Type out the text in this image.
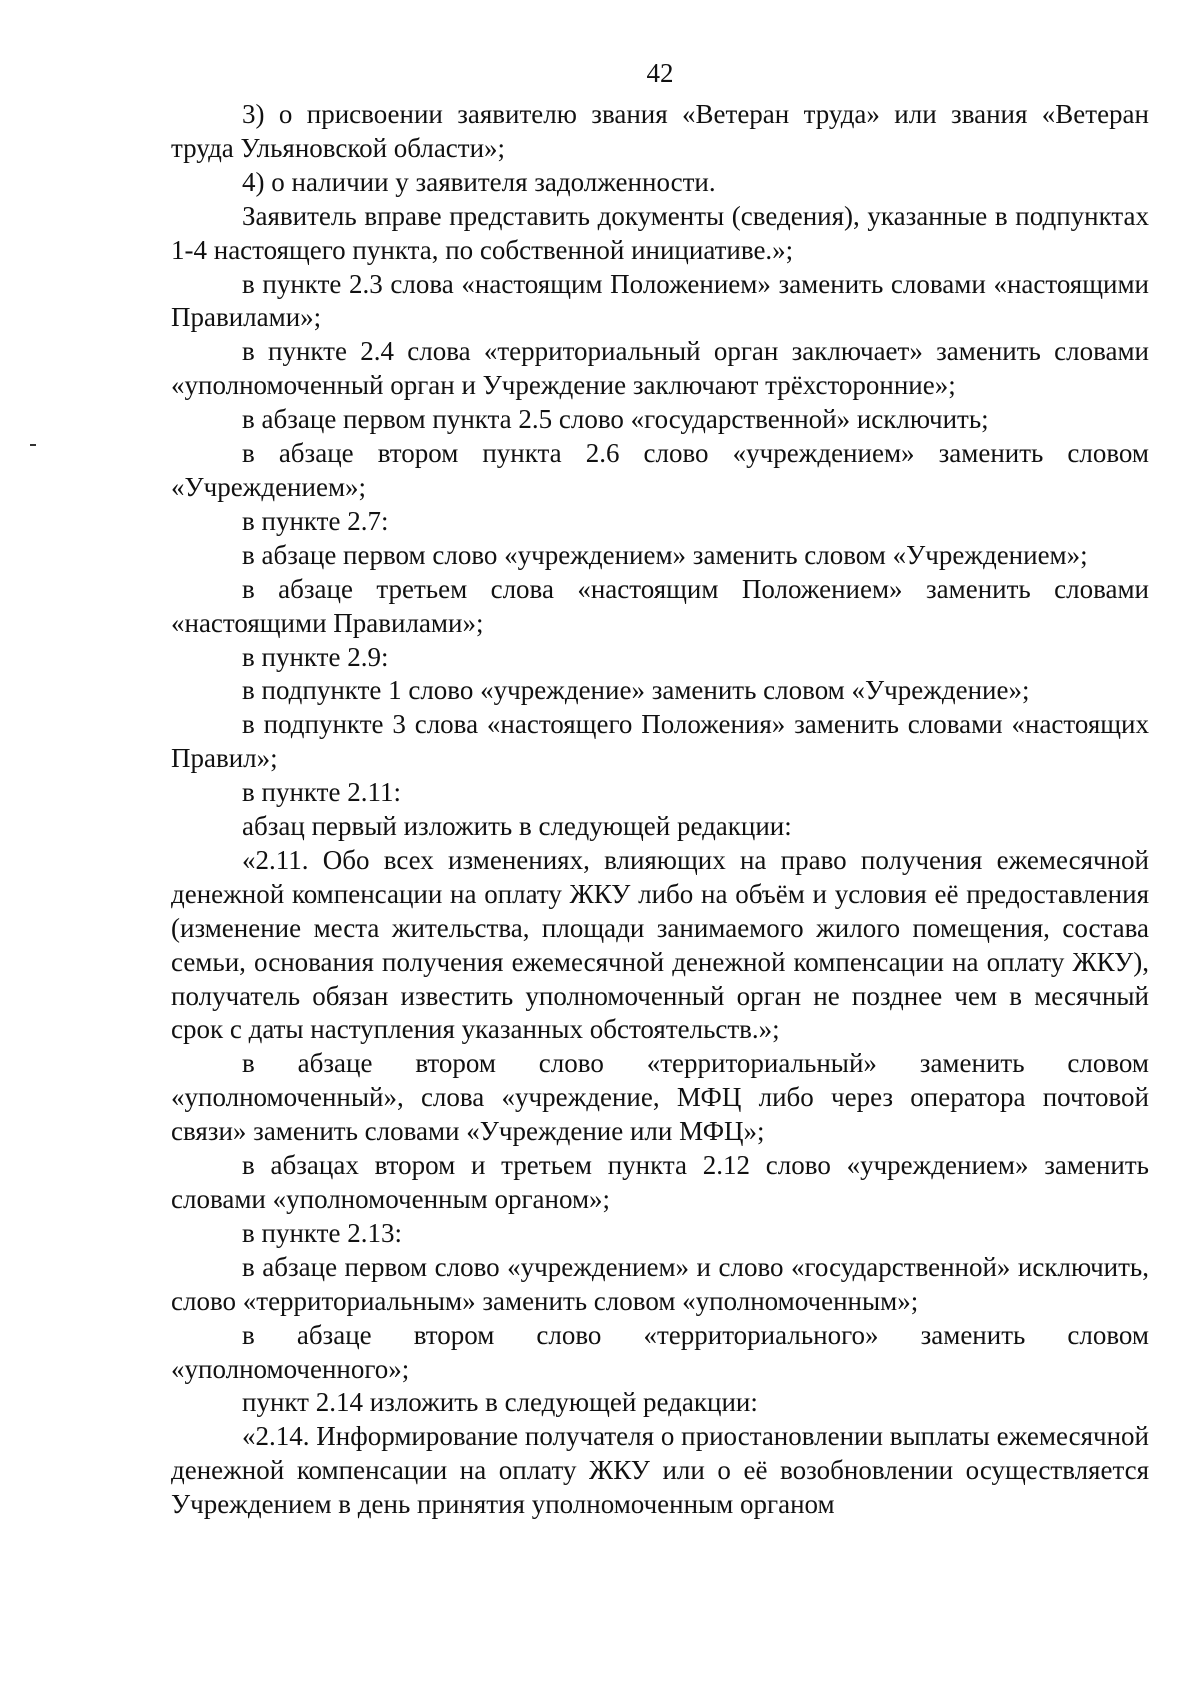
42

3) о присвоении заявителю звания «Ветеран труда» или звания «Ветеран труда Ульяновской области»;

4) о наличии у заявителя задолженности.

Заявитель вправе представить документы (сведения), указанные в подпунктах 1-4 настоящего пункта, по собственной инициативе.»;

в пункте 2.3 слова «настоящим Положением» заменить словами «настоящими Правилами»;

в пункте 2.4 слова «территориальный орган заключает» заменить словами «уполномоченный орган и Учреждение заключают трёхсторонние»;

в абзаце первом пункта 2.5 слово «государственной» исключить;

в абзаце втором пункта 2.6 слово «учреждением» заменить словом «Учреждением»;

в пункте 2.7:

в абзаце первом слово «учреждением» заменить словом «Учреждением»;

в абзаце третьем слова «настоящим Положением» заменить словами «настоящими Правилами»;

в пункте 2.9:

в подпункте 1 слово «учреждение» заменить словом «Учреждение»;

в подпункте 3 слова «настоящего Положения» заменить словами «настоящих Правил»;

в пункте 2.11:

абзац первый изложить в следующей редакции:

«2.11. Обо всех изменениях, влияющих на право получения ежемесячной денежной компенсации на оплату ЖКУ либо на объём и условия её предоставления (изменение места жительства, площади занимаемого жилого помещения, состава семьи, основания получения ежемесячной денежной компенсации на оплату ЖКУ), получатель обязан известить уполномоченный орган не позднее чем в месячный срок с даты наступления указанных обстоятельств.»;

в абзаце втором слово «территориальный» заменить словом «уполномоченный», слова «учреждение, МФЦ либо через оператора почтовой связи» заменить словами «Учреждение или МФЦ»;

в абзацах втором и третьем пункта 2.12 слово «учреждением» заменить словами «уполномоченным органом»;

в пункте 2.13:

в абзаце первом слово «учреждением» и слово «государственной» исключить, слово «территориальным» заменить словом «уполномоченным»;

в абзаце втором слово «территориального» заменить словом «уполномоченного»;

пункт 2.14 изложить в следующей редакции:

«2.14. Информирование получателя о приостановлении выплаты ежемесячной денежной компенсации на оплату ЖКУ или о её возобновлении осуществляется Учреждением в день принятия уполномоченным органом
